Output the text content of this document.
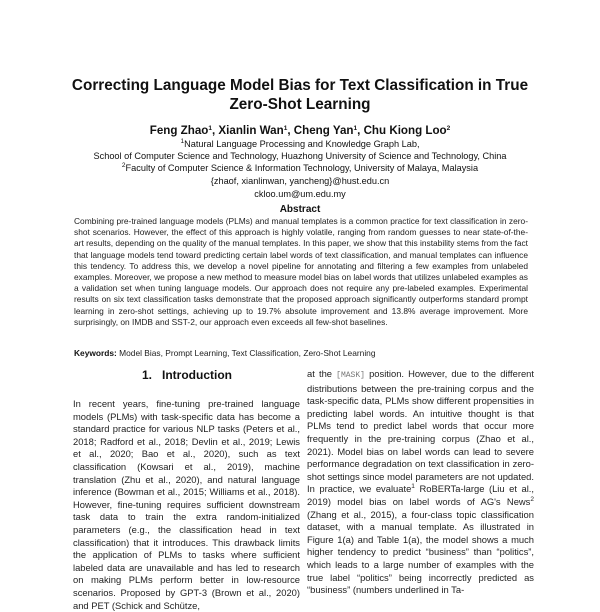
Correcting Language Model Bias for Text Classification in True Zero-Shot Learning
Feng Zhao$^1$, Xianlin Wan$^1$, Cheng Yan$^1$, Chu Kiong Loo$^2$
$^1$Natural Language Processing and Knowledge Graph Lab,
School of Computer Science and Technology, Huazhong University of Science and Technology, China
$^2$Faculty of Computer Science & Information Technology, University of Malaya, Malaysia
{zhaof, xianlinwan, yancheng}@hust.edu.cn
ckloo.um@um.edu.my
Abstract
Combining pre-trained language models (PLMs) and manual templates is a common practice for text classification in zero-shot scenarios. However, the effect of this approach is highly volatile, ranging from random guesses to near state-of-the-art results, depending on the quality of the manual templates. In this paper, we show that this instability stems from the fact that language models tend toward predicting certain label words of text classification, and manual templates can influence this tendency. To address this, we develop a novel pipeline for annotating and filtering a few examples from unlabeled examples. Moreover, we propose a new method to measure model bias on label words that utilizes unlabeled examples as a validation set when tuning language models. Our approach does not require any pre-labeled examples. Experimental results on six text classification tasks demonstrate that the proposed approach significantly outperforms standard prompt learning in zero-shot settings, achieving up to 19.7% absolute improvement and 13.8% average improvement. More surprisingly, on IMDB and SST-2, our approach even exceeds all few-shot baselines.
Keywords: Model Bias, Prompt Learning, Text Classification, Zero-Shot Learning
1. Introduction
In recent years, fine-tuning pre-trained language models (PLMs) with task-specific data has become a standard practice for various NLP tasks (Peters et al., 2018; Radford et al., 2018; Devlin et al., 2019; Lewis et al., 2020; Bao et al., 2020), such as text classification (Kowsari et al., 2019), machine translation (Zhu et al., 2020), and natural language inference (Bowman et al., 2015; Williams et al., 2018). However, fine-tuning requires sufficient downstream task data to train the extra random-initialized parameters (e.g., the classification head in text classification) that it introduces. This drawback limits the application of PLMs to tasks where sufficient labeled data are unavailable and has led to research on making PLMs perform better in low-resource scenarios. Proposed by GPT-3 (Brown et al., 2020) and PET (Schick and Schütze,
at the [MASK] position. However, due to the different distributions between the pre-training corpus and the task-specific data, PLMs show different propensities in predicting label words. An intuitive thought is that PLMs tend to predict label words that occur more frequently in the pre-training corpus (Zhao et al., 2021). Model bias on label words can lead to severe performance degradation on text classification in zero-shot settings since model parameters are not updated. In practice, we evaluate$^1$ RoBERTa-large (Liu et al., 2019) model bias on label words of AG's News$^2$ (Zhang et al., 2015), a four-class topic classification dataset, with a manual template. As illustrated in Figure 1(a) and Table 1(a), the model shows a much higher tendency to predict “business” than “politics”, which leads to a large number of examples with the true label “politics” being incorrectly predicted as “business” (numbers underlined in Ta-
